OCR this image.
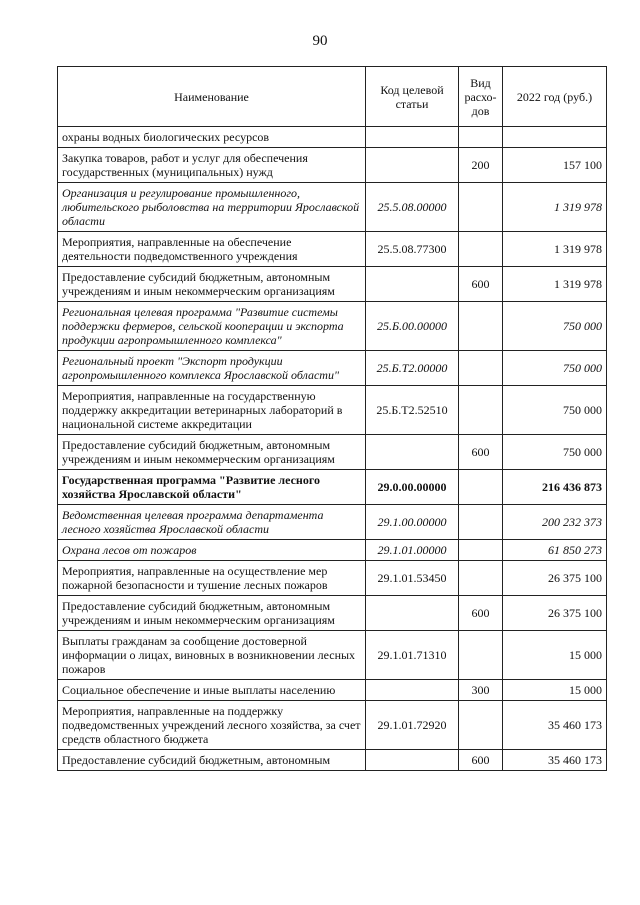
90
Наименование	Код целевой статьи	Вид расхо- дов	2022 год (руб.)
охраны водных биологических ресурсов			
Закупка товаров, работ и услуг для обеспечения государственных (муниципальных) нужд		200	157 100
Организация и регулирование промышленного, любительского рыболовства на территории Ярославской области	25.5.08.00000		1 319 978
Мероприятия, направленные на обеспечение деятельности подведомственного учреждения	25.5.08.77300		1 319 978
Предоставление субсидий бюджетным, автономным учреждениям и иным некоммерческим организациям		600	1 319 978
Региональная целевая программа "Развитие системы поддержки фермеров, сельской кооперации и экспорта продукции агропромышленного комплекса"	25.Б.00.00000		750 000
Региональный проект "Экспорт продукции агропромышленного комплекса Ярославской области"	25.Б.Т2.00000		750 000
Мероприятия, направленные на государственную поддержку аккредитации ветеринарных лабораторий в национальной системе аккредитации	25.Б.Т2.52510		750 000
Предоставление субсидий бюджетным, автономным учреждениям и иным некоммерческим организациям		600	750 000
Государственная программа "Развитие лесного хозяйства Ярославской области"	29.0.00.00000		216 436 873
Ведомственная целевая программа департамента лесного хозяйства Ярославской области	29.1.00.00000		200 232 373
Охрана лесов от пожаров	29.1.01.00000		61 850 273
Мероприятия, направленные на осуществление мер пожарной безопасности и тушение лесных пожаров	29.1.01.53450		26 375 100
Предоставление субсидий бюджетным, автономным учреждениям и иным некоммерческим организациям		600	26 375 100
Выплаты гражданам за сообщение достоверной информации о лицах, виновных в возникновении лесных пожаров	29.1.01.71310		15 000
Социальное обеспечение и иные выплаты населению		300	15 000
Мероприятия, направленные на поддержку подведомственных учреждений лесного хозяйства, за счет средств областного бюджета	29.1.01.72920		35 460 173
Предоставление субсидий бюджетным, автономным		600	35 460 173
